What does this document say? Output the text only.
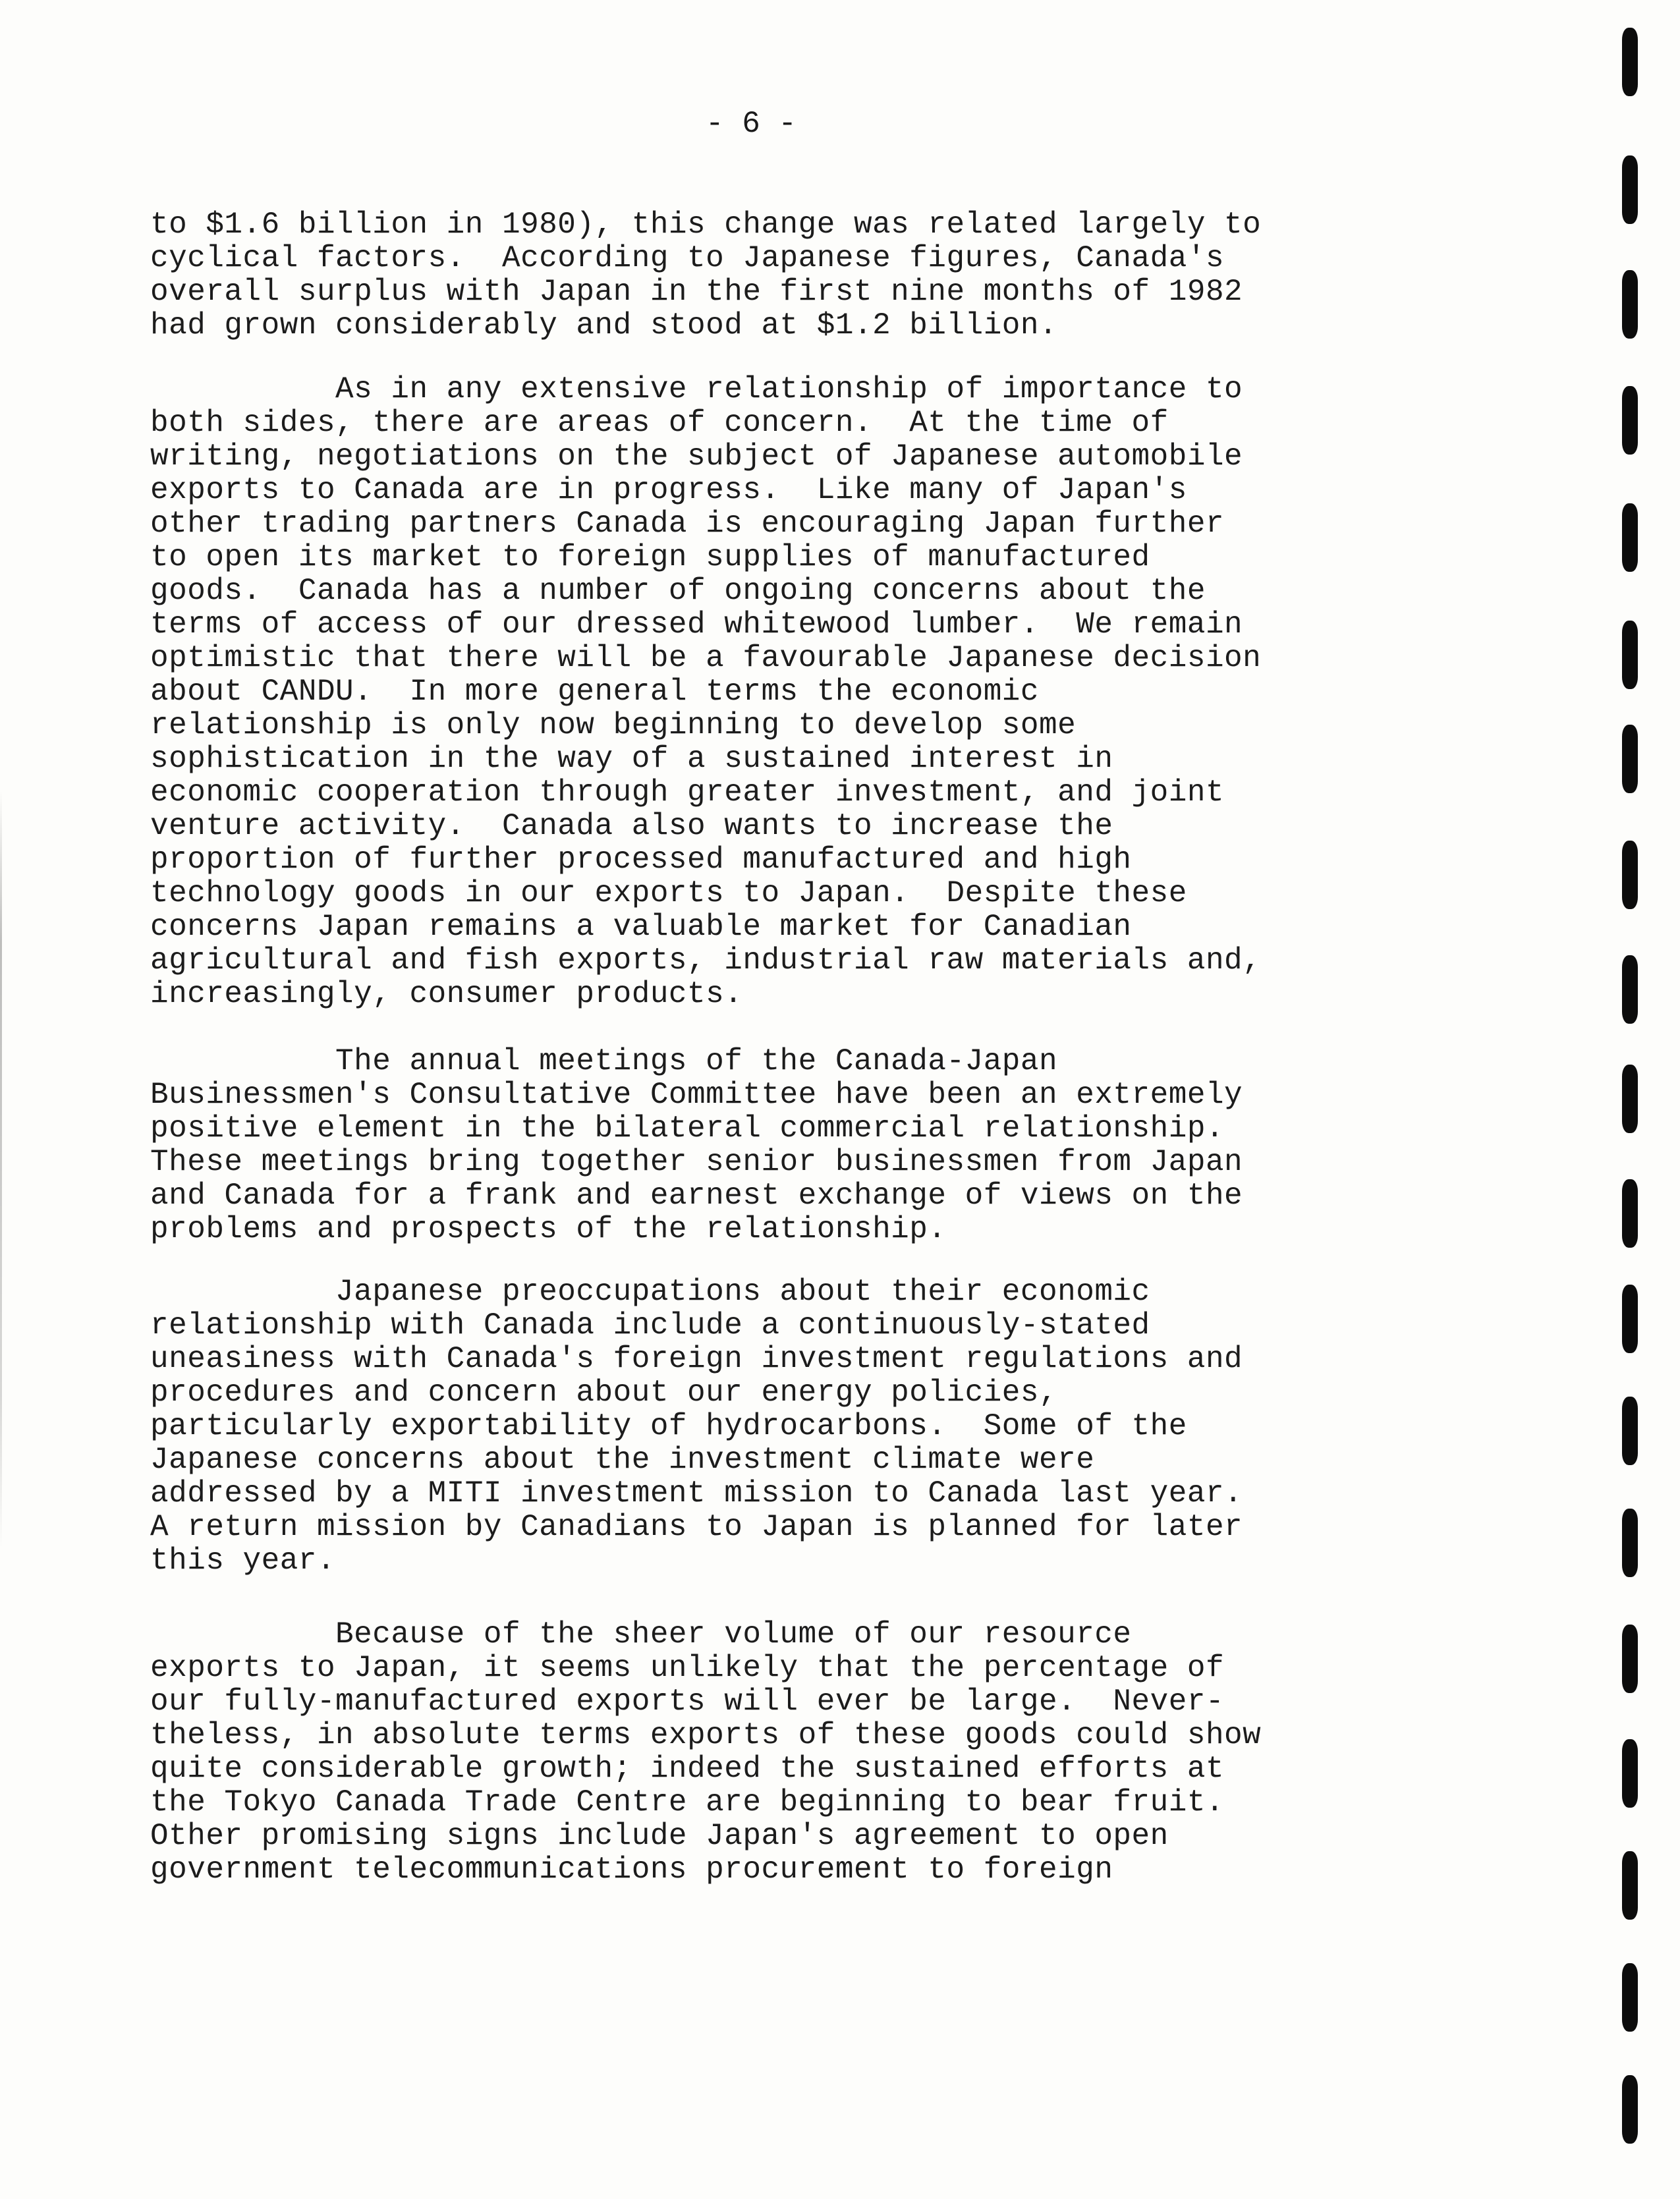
- 6 -
to $1.6 billion in 1980), this change was related largely to
cyclical factors.  According to Japanese figures, Canada's
overall surplus with Japan in the first nine months of 1982
had grown considerably and stood at $1.2 billion.
As in any extensive relationship of importance to
both sides, there are areas of concern.  At the time of
writing, negotiations on the subject of Japanese automobile
exports to Canada are in progress.  Like many of Japan's
other trading partners Canada is encouraging Japan further
to open its market to foreign supplies of manufactured
goods.  Canada has a number of ongoing concerns about the
terms of access of our dressed whitewood lumber.  We remain
optimistic that there will be a favourable Japanese decision
about CANDU.  In more general terms the economic
relationship is only now beginning to develop some
sophistication in the way of a sustained interest in
economic cooperation through greater investment, and joint
venture activity.  Canada also wants to increase the
proportion of further processed manufactured and high
technology goods in our exports to Japan.  Despite these
concerns Japan remains a valuable market for Canadian
agricultural and fish exports, industrial raw materials and,
increasingly, consumer products.
The annual meetings of the Canada-Japan
Businessmen's Consultative Committee have been an extremely
positive element in the bilateral commercial relationship.
These meetings bring together senior businessmen from Japan
and Canada for a frank and earnest exchange of views on the
problems and prospects of the relationship.
Japanese preoccupations about their economic
relationship with Canada include a continuously-stated
uneasiness with Canada's foreign investment regulations and
procedures and concern about our energy policies,
particularly exportability of hydrocarbons.  Some of the
Japanese concerns about the investment climate were
addressed by a MITI investment mission to Canada last year.
A return mission by Canadians to Japan is planned for later
this year.
Because of the sheer volume of our resource
exports to Japan, it seems unlikely that the percentage of
our fully-manufactured exports will ever be large.  Never-
theless, in absolute terms exports of these goods could show
quite considerable growth; indeed the sustained efforts at
the Tokyo Canada Trade Centre are beginning to bear fruit.
Other promising signs include Japan's agreement to open
government telecommunications procurement to foreign
